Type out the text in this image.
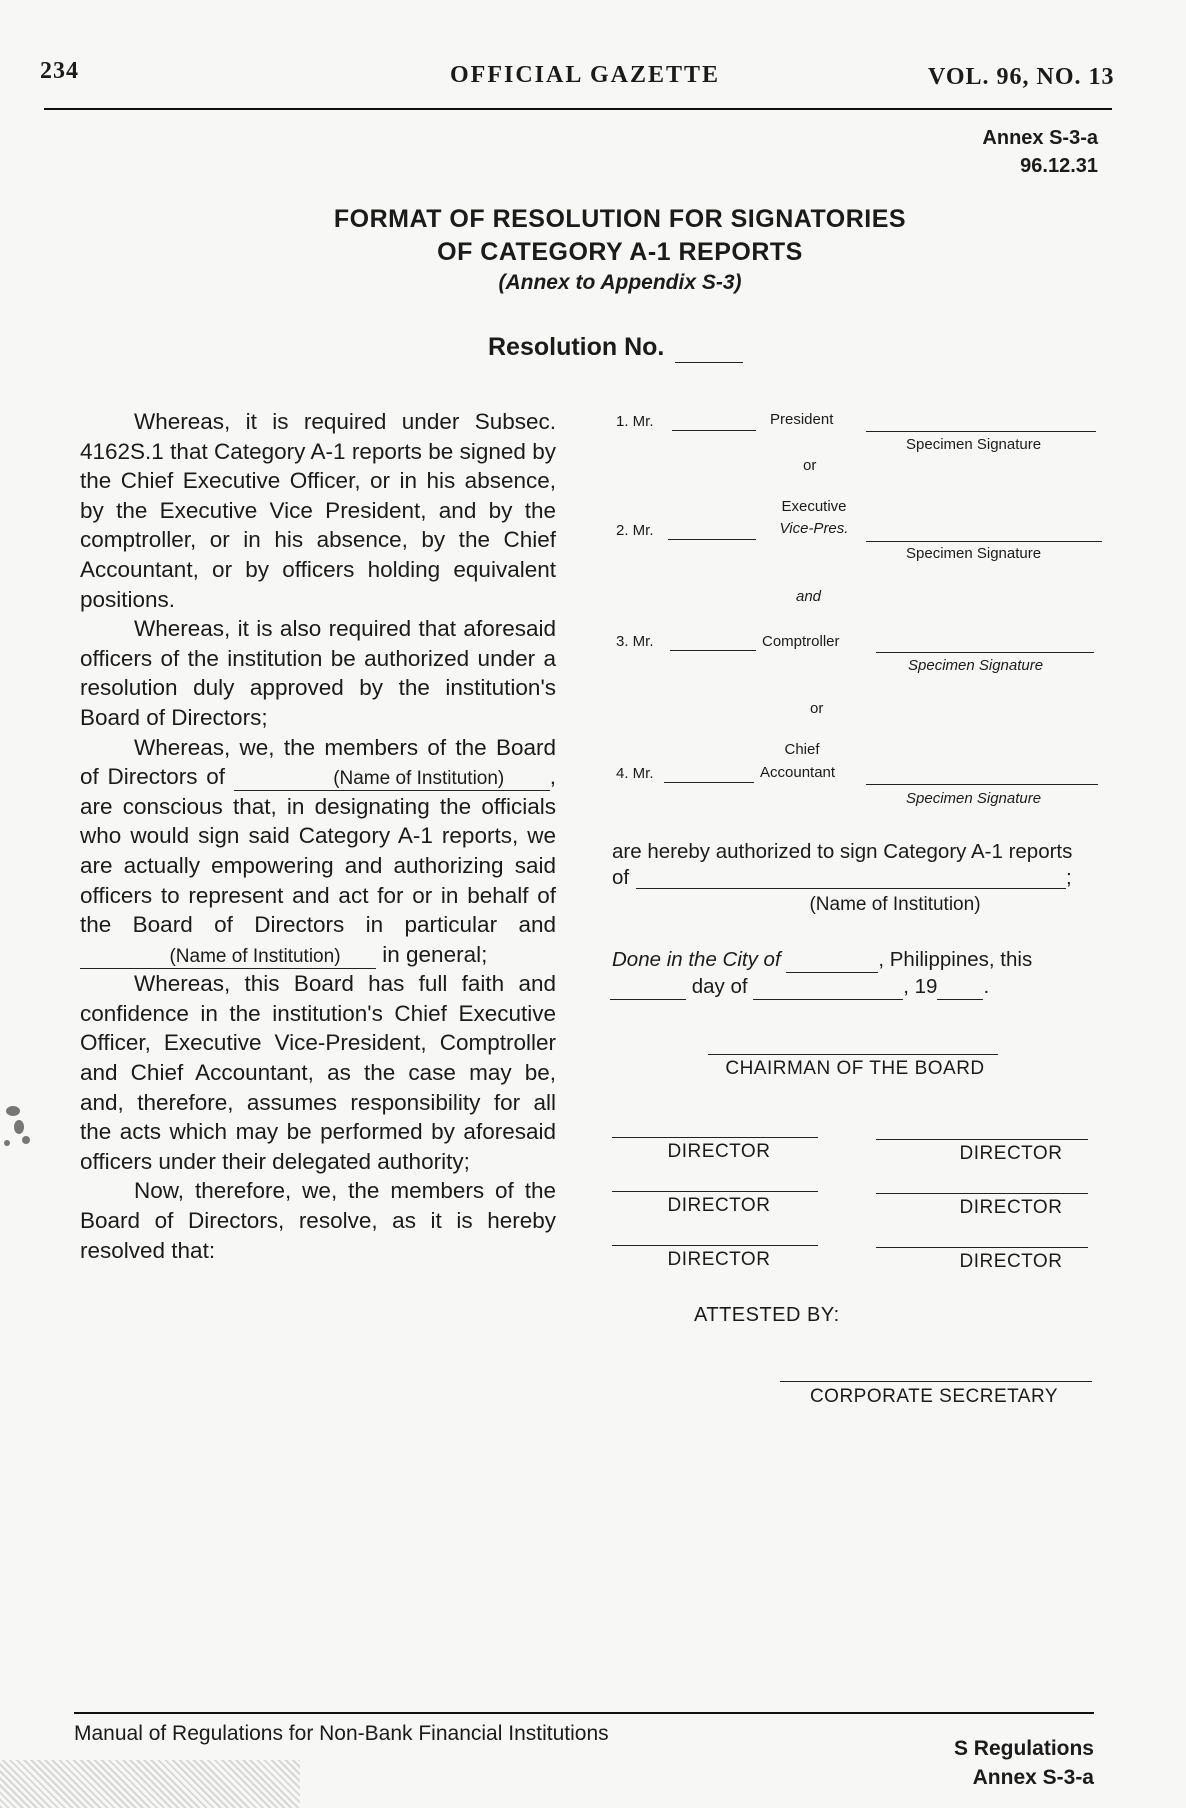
234	OFFICIAL GAZETTE	VOL. 96, NO. 13
Annex S-3-a
96.12.31
FORMAT OF RESOLUTION FOR SIGNATORIES
OF CATEGORY A-1 REPORTS
(Annex to Appendix S-3)
Resolution No.

Whereas, it is required under Subsec. 4162S.1 that Category A-1 reports be signed by the Chief Executive Officer, or in his absence, by the Executive Vice President, and by the comptroller, or in his absence, by the Chief Accountant, or by officers holding equivalent positions.

Whereas, it is also required that aforesaid officers of the institution be authorized under a resolution duly approved by the institution's Board of Directors;

Whereas, we, the members of the Board of Directors of	(Name of Institution) , are conscious that, in designating the officials who would sign said Category A-1 reports, we are actually empowering and authorizing said officers to represent and act for or in behalf of the Board of Directors in particular and (Name of Institution) in general;

Whereas, this Board has full faith and confidence in the institution's Chief Executive Officer, Executive Vice-President, Comptroller and Chief Accountant, as the case may be, and, therefore, assumes responsibility for all the acts which may be performed by aforesaid officers under their delegated authority;

Now, therefore, we, the members of the Board of Directors, resolve, as it is hereby resolved that:

1. Mr.	President
Specimen Signature
or
Executive
2. Mr.	Vice-Pres.
Specimen Signature
and
3. Mr.	Comptroller
Specimen Signature
or
Chief
4. Mr.	Accountant
Specimen Signature
are hereby authorized to sign Category A-1 reports
of	;
(Name of Institution)
Done in the City of	, Philippines, this
day of	, 19 .
CHAIRMAN OF THE BOARD
DIRECTOR	DIRECTOR
DIRECTOR	DIRECTOR
DIRECTOR	DIRECTOR
ATTESTED BY:
CORPORATE SECRETARY
Manual of Regulations for Non-Bank Financial Institutions
S Regulations
Annex S-3-a
